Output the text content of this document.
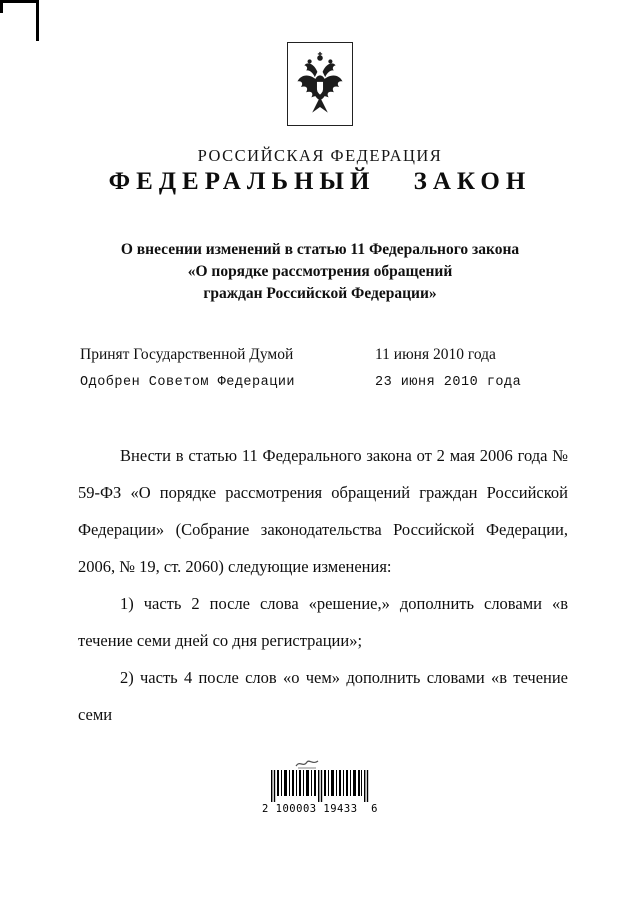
РОССИЙСКАЯ ФЕДЕРАЦИЯ
ФЕДЕРАЛЬНЫЙ ЗАКОН
О внесении изменений в статью 11 Федерального закона
«О порядке рассмотрения обращений
граждан Российской Федерации»
Принят Государственной Думой	11 июня 2010 года
Одобрен Советом Федерации	23 июня 2010 года

Внести в статью 11 Федерального закона от 2 мая 2006 года № 59-ФЗ «О порядке рассмотрения обращений граждан Российской Федерации» (Собрание законодательства Российской Федерации, 2006, № 19, ст. 2060) следующие изменения:

1) часть 2 после слова «решение,» дополнить словами «в течение семи дней со дня регистрации»;

2) часть 4 после слов «о чем» дополнить словами «в течение семи

2 100003 19433  6
